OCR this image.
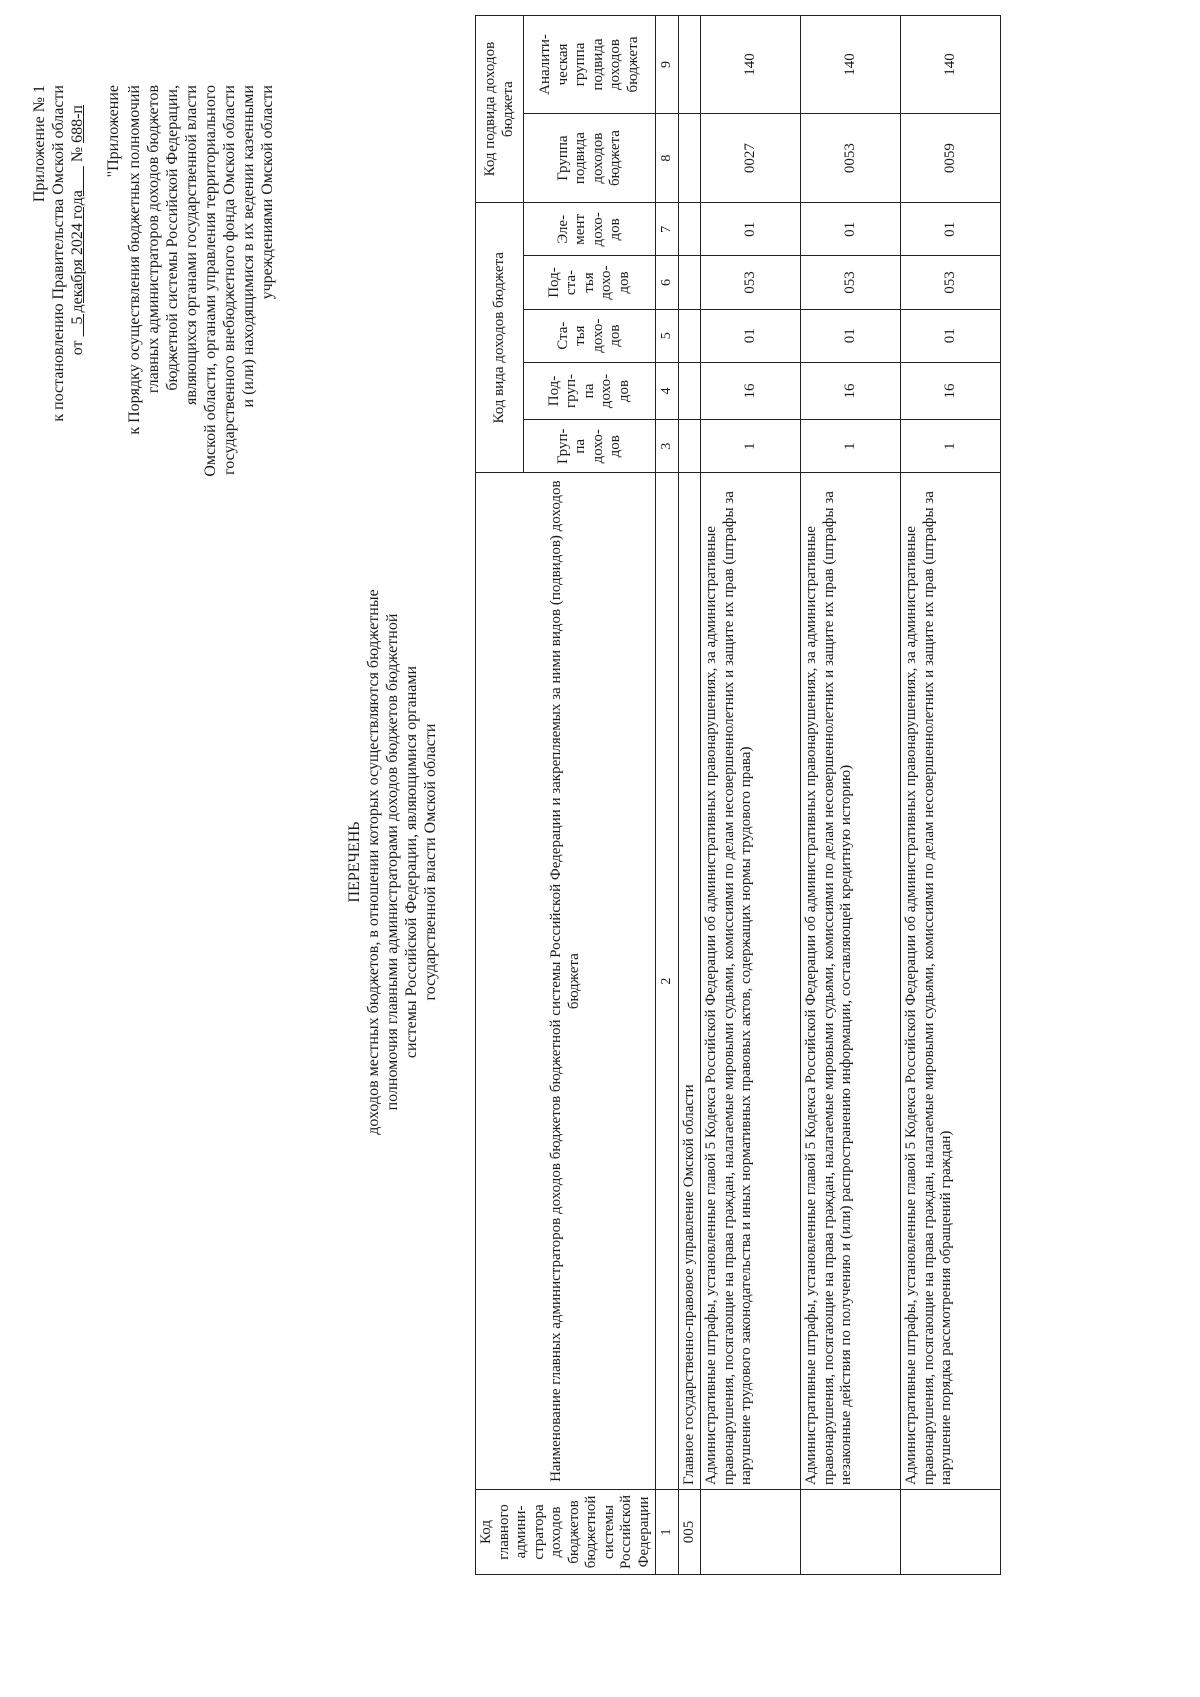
Приложение № 1 к постановлению Правительства Омской области от    5 декабря 2024 года       № 688-п "Приложение к Порядку осуществления бюджетных полномочий главных администраторов доходов бюджетов бюджетной системы Российской Федерации, являющихся органами государственной власти Омской области, органами управления территориального государственного внебюджетного фонда Омской области и (или) находящимися в их ведении казенными учреждениями Омской области
ПЕРЕЧЕНЬ доходов местных бюджетов, в отношении которых осуществляются бюджетные полномочия главными администраторами доходов бюджетов бюджетной системы Российской Федерации, являющимися органами государственной власти Омской области
Код главного админи-стратора доходов бюджетов бюджетной системы Российской Федерации	Наименование главных администраторов доходов бюджетов бюджетной системы Российской Федерации и закрепляемых за ними видов (подвидов) доходов бюджета	Код вида доходов бюджета					Код подвида доходов бюджета	
		Груп-па дохо-дов	Под-груп-па дохо-дов	Ста-тья дохо-дов	Под-ста-тья дохо-дов	Эле-мент дохо-дов	Группа подвида доходов бюджета	Аналити-ческая группа подвида доходов бюджета
1	2	3	4	5	6	7	8	9
005	Главное государственно-правовое управление Омской области							
	Административные штрафы, установленные главой 5 Кодекса Российской Федерации об административных правонарушениях, за административные правонарушения, посягающие на права граждан, налагаемые мировыми судьями, комиссиями по делам несовершеннолетних и защите их прав (штрафы за нарушение трудового законодательства и иных нормативных правовых актов, содержащих нормы трудового права)	1	16	01	053	01	0027	140
	Административные штрафы, установленные главой 5 Кодекса Российской Федерации об административных правонарушениях, за административные правонарушения, посягающие на права граждан, налагаемые мировыми судьями, комиссиями по делам несовершеннолетних и защите их прав (штрафы за незаконные действия по получению и (или) распространению информации, составляющей кредитную историю)	1	16	01	053	01	0053	140
	Административные штрафы, установленные главой 5 Кодекса Российской Федерации об административных правонарушениях, за административные правонарушения, посягающие на права граждан, налагаемые мировыми судьями, комиссиями по делам несовершеннолетних и защите их прав (штрафы за нарушение порядка рассмотрения обращений граждан)	1	16	01	053	01	0059	140
